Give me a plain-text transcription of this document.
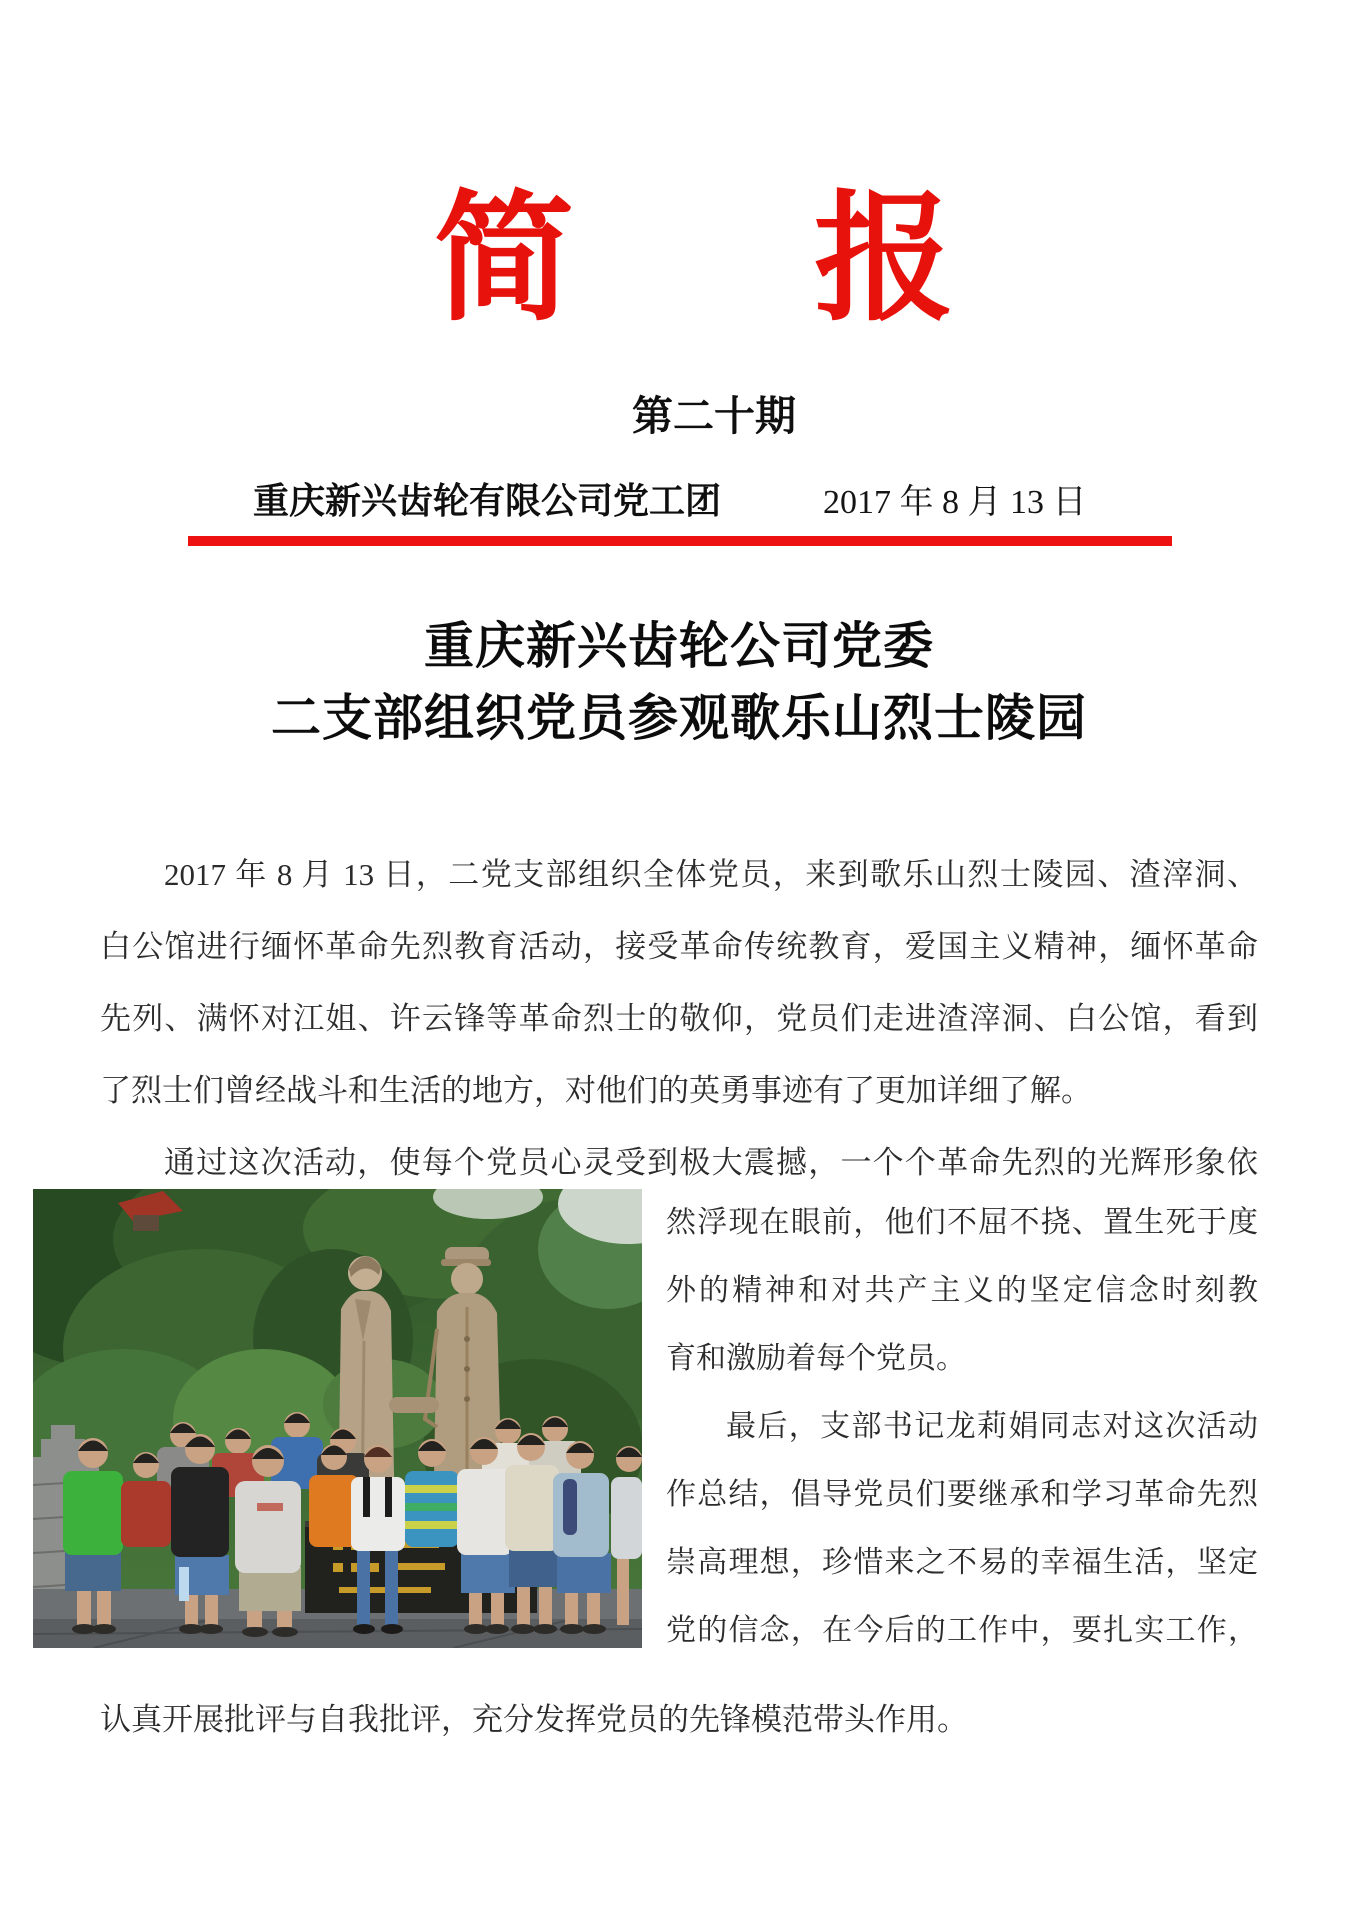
简 报
第二十期
重庆新兴齿轮有限公司党工团	2017 年 8 月 13 日
重庆新兴齿轮公司党委
二支部组织党员参观歌乐山烈士陵园
2017 年 8 月 13 日，二党支部组织全体党员，来到歌乐山烈士陵园、渣滓洞、
白公馆进行缅怀革命先烈教育活动，接受革命传统教育，爱国主义精神，缅怀革命
先列、满怀对江姐、许云锋等革命烈士的敬仰，党员们走进渣滓洞、白公馆，看到
了烈士们曾经战斗和生活的地方，对他们的英勇事迹有了更加详细了解。
通过这次活动，使每个党员心灵受到极大震撼，一个个革命先烈的光辉形象依
然浮现在眼前，他们不屈不挠、置生死于度
外的精神和对共产主义的坚定信念时刻教
育和激励着每个党员。
最后，支部书记龙莉娟同志对这次活动
作总结，倡导党员们要继承和学习革命先烈
崇高理想，珍惜来之不易的幸福生活，坚定
党的信念，在今后的工作中，要扎实工作，
认真开展批评与自我批评，充分发挥党员的先锋模范带头作用。
